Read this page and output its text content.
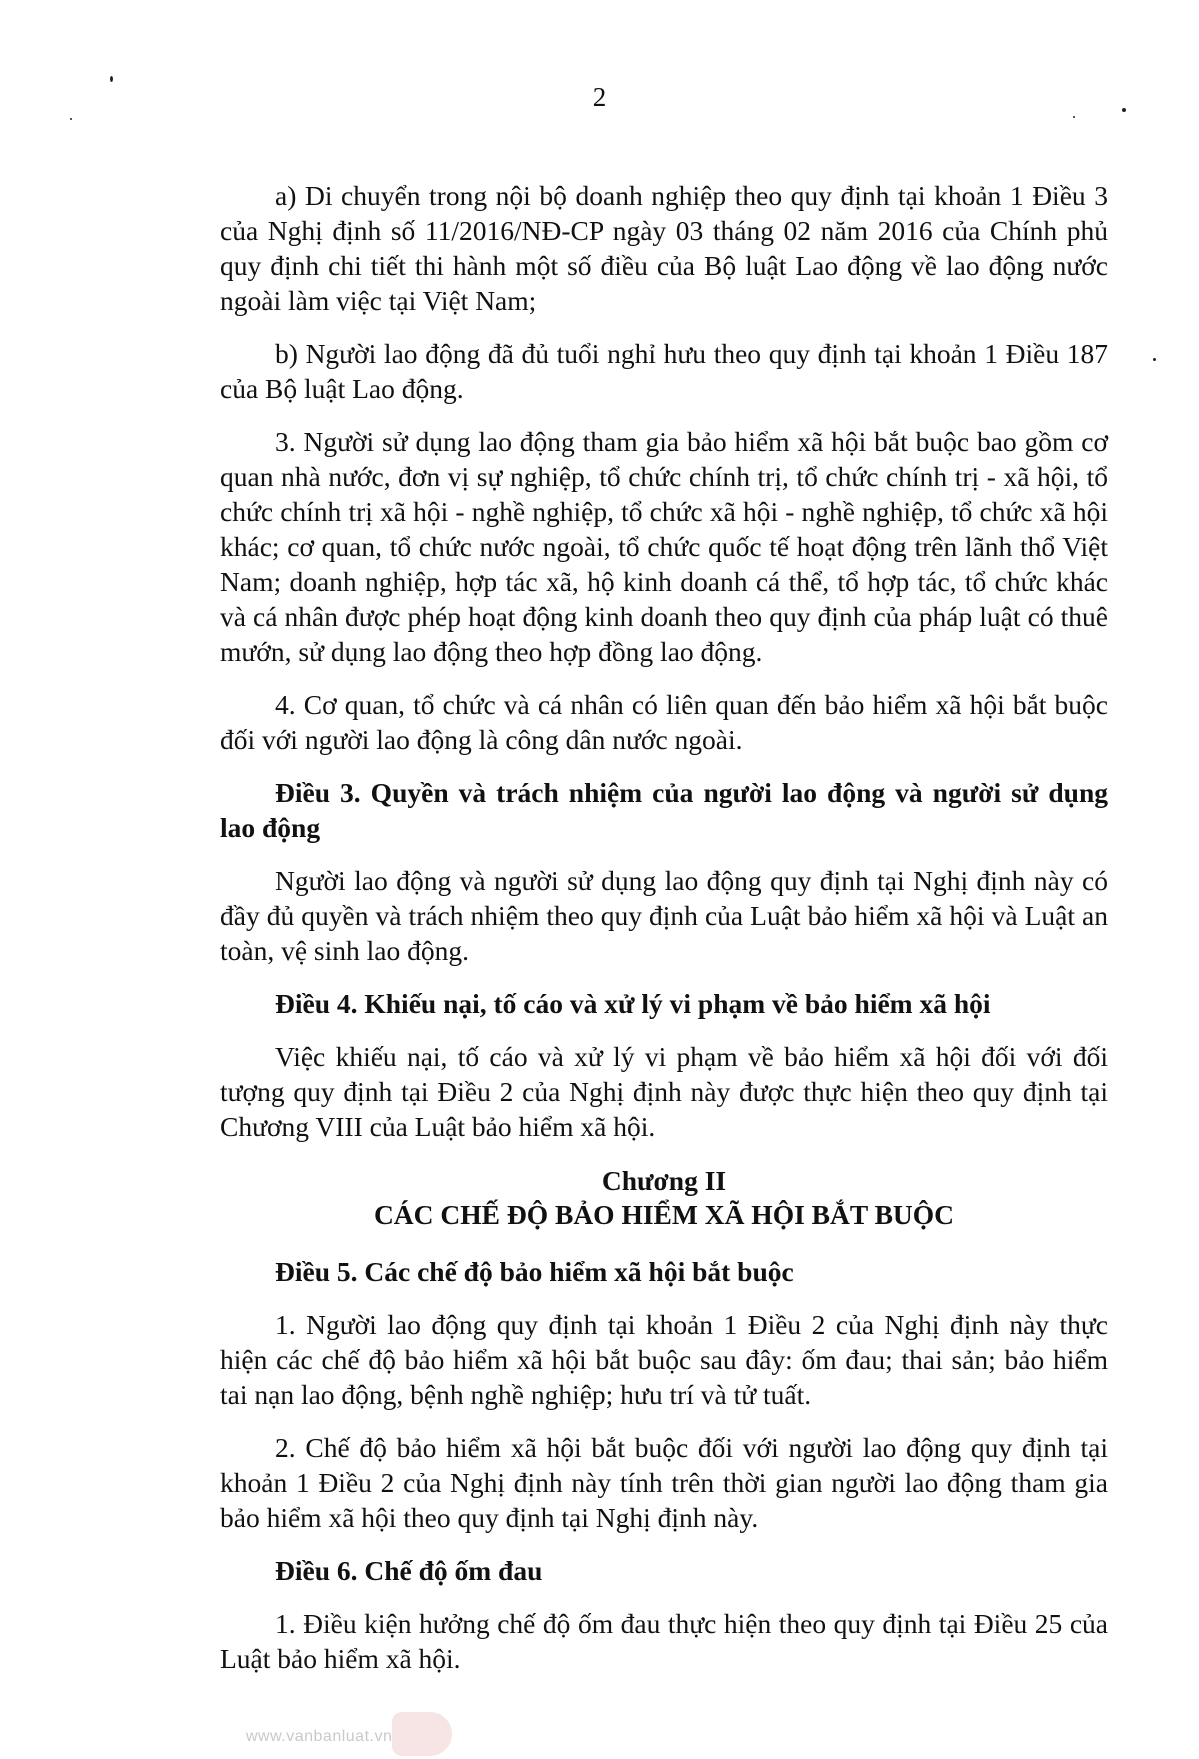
2

a) Di chuyển trong nội bộ doanh nghiệp theo quy định tại khoản 1 Điều 3 của Nghị định số 11/2016/NĐ-CP ngày 03 tháng 02 năm 2016 của Chính phủ quy định chi tiết thi hành một số điều của Bộ luật Lao động về lao động nước ngoài làm việc tại Việt Nam;

b) Người lao động đã đủ tuổi nghỉ hưu theo quy định tại khoản 1 Điều 187 của Bộ luật Lao động.

3. Người sử dụng lao động tham gia bảo hiểm xã hội bắt buộc bao gồm cơ quan nhà nước, đơn vị sự nghiệp, tổ chức chính trị, tổ chức chính trị - xã hội, tổ chức chính trị xã hội - nghề nghiệp, tổ chức xã hội - nghề nghiệp, tổ chức xã hội khác; cơ quan, tổ chức nước ngoài, tổ chức quốc tế hoạt động trên lãnh thổ Việt Nam; doanh nghiệp, hợp tác xã, hộ kinh doanh cá thể, tổ hợp tác, tổ chức khác và cá nhân được phép hoạt động kinh doanh theo quy định của pháp luật có thuê mướn, sử dụng lao động theo hợp đồng lao động.

4. Cơ quan, tổ chức và cá nhân có liên quan đến bảo hiểm xã hội bắt buộc đối với người lao động là công dân nước ngoài.

Điều 3. Quyền và trách nhiệm của người lao động và người sử dụng lao động

Người lao động và người sử dụng lao động quy định tại Nghị định này có đầy đủ quyền và trách nhiệm theo quy định của Luật bảo hiểm xã hội và Luật an toàn, vệ sinh lao động.

Điều 4. Khiếu nại, tố cáo và xử lý vi phạm về bảo hiểm xã hội

Việc khiếu nại, tố cáo và xử lý vi phạm về bảo hiểm xã hội đối với đối tượng quy định tại Điều 2 của Nghị định này được thực hiện theo quy định tại Chương VIII của Luật bảo hiểm xã hội.

Chương II
CÁC CHẾ ĐỘ BẢO HIỂM XÃ HỘI BẮT BUỘC

Điều 5. Các chế độ bảo hiểm xã hội bắt buộc

1. Người lao động quy định tại khoản 1 Điều 2 của Nghị định này thực hiện các chế độ bảo hiểm xã hội bắt buộc sau đây: ốm đau; thai sản; bảo hiểm tai nạn lao động, bệnh nghề nghiệp; hưu trí và tử tuất.

2. Chế độ bảo hiểm xã hội bắt buộc đối với người lao động quy định tại khoản 1 Điều 2 của Nghị định này tính trên thời gian người lao động tham gia bảo hiểm xã hội theo quy định tại Nghị định này.

Điều 6. Chế độ ốm đau

1. Điều kiện hưởng chế độ ốm đau thực hiện theo quy định tại Điều 25 của Luật bảo hiểm xã hội.

www.vanbanluat.vn
